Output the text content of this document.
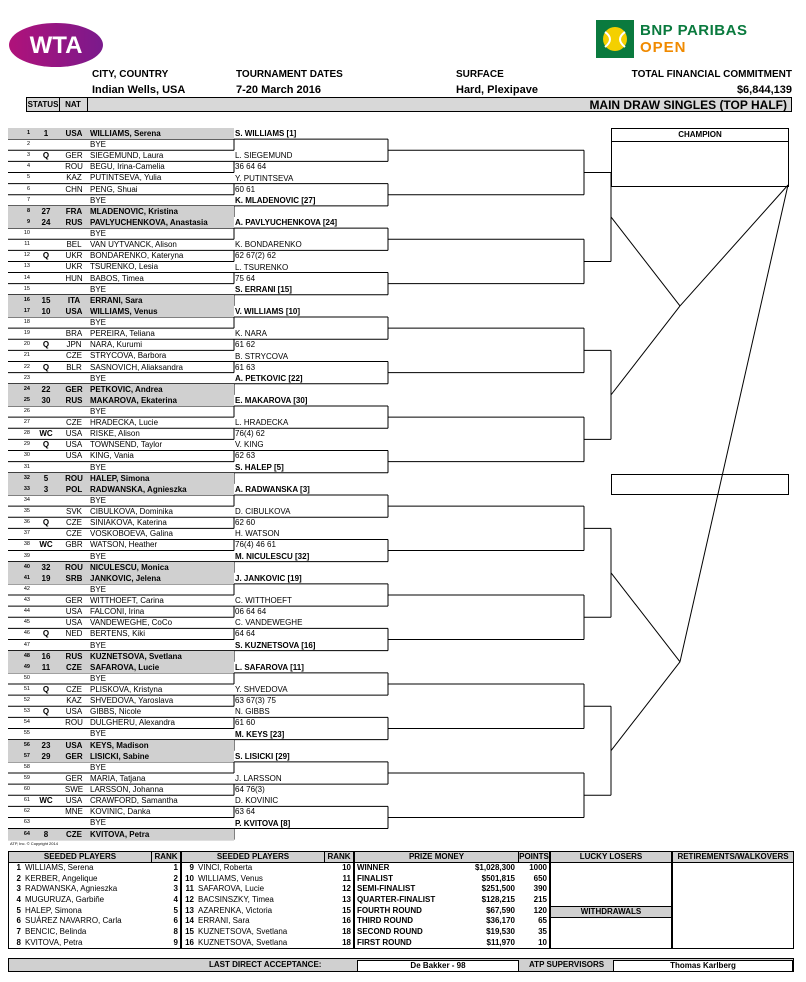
WTA
BNP PARIBAS
OPEN
CITY, COUNTRY
Indian Wells, USA
TOURNAMENT DATES
7-20 March 2016
SURFACE
Hard, Plexipave
TOTAL FINANCIAL COMMITMENT
$6,844,139
STATUS NAT	MAIN DRAW SINGLES (TOP HALF)
1	1	USA WILLIAMS, Serena
2	BYE
3	Q	GER SIEGEMUND, Laura
4	ROU BEGU, Irina-Camelia
5	KAZ	PUTINTSEVA, Yulia
6	CHN PENG, Shuai
7	BYE
8	27	FRA MLADENOVIC, Kristina
9	24	RUS PAVLYUCHENKOVA, Anastasia
10	BYE
11	BEL	VAN UYTVANCK, Alison
12	Q	UKR BONDARENKO, Kateryna
13	UKR TSURENKO, Lesia
14	HUN BABOS, Timea
15	BYE
16	15	ITA	ERRANI, Sara
17	10	USA WILLIAMS, Venus
18	BYE
19	BRA PEREIRA, Teliana
20	Q	JPN	NARA, Kurumi
21	CZE	STRYCOVA, Barbora
22	Q	BLR	SASNOVICH, Aliaksandra
23	BYE
24	22	GER PETKOVIC, Andrea
25	30	RUS MAKAROVA, Ekaterina
26	BYE
27	CZE	HRADECKA, Lucie
28	WC	USA RISKE, Alison
29	Q	USA TOWNSEND, Taylor
30	USA KING, Vania
31	BYE
32	5	ROU HALEP, Simona
33	3	POL RADWANSKA, Agnieszka
34	BYE
35	SVK	CIBULKOVA, Dominika
36	Q	CZE	SINIAKOVA, Katerina
37	CZE	VOSKOBOEVA, Galina
38	WC	GBR WATSON, Heather
39	BYE
40	32	ROU NICULESCU, Monica
41	19	SRB JANKOVIC, Jelena
42	BYE
43	GER WITTHOEFT, Carina
44	USA FALCONI, Irina
45	USA VANDEWEGHE, CoCo
46	Q	NED BERTENS, Kiki
47	BYE
48	16	RUS KUZNETSOVA, Svetlana
49	11	CZE	SAFAROVA, Lucie
50	BYE
51	Q	CZE	PLISKOVA, Kristyna
52	KAZ	SHVEDOVA, Yaroslava
53	Q	USA GIBBS, Nicole
54	ROU DULGHERU, Alexandra
55	BYE
56	23	USA KEYS, Madison
57	29	GER LISICKI, Sabine
58	BYE
59	GER MARIA, Tatjana
60	SWE LARSSON, Johanna
61	WC	USA CRAWFORD, Samantha
62	MNE KOVINIC, Danka
63	BYE
64	8	CZE	KVITOVA, Petra
S. WILLIAMS [1]
L. SIEGEMUND
36 64 64
Y. PUTINTSEVA
60 61
K. MLADENOVIC [27]
A. PAVLYUCHENKOVA [24]
K. BONDARENKO
62 67(2) 62
L. TSURENKO
75 64
S. ERRANI [15]
V. WILLIAMS [10]
K. NARA
61 62
B. STRYCOVA
61 63
A. PETKOVIC [22]
E. MAKAROVA [30]
L. HRADECKA
76(4) 62
V. KING
62 63
S. HALEP [5]
A. RADWANSKA [3]
D. CIBULKOVA
62 60
H. WATSON
76(4) 46 61
M. NICULESCU [32]
J. JANKOVIC [19]
C. WITTHOEFT
06 64 64
C. VANDEWEGHE
64 64
S. KUZNETSOVA [16]
L. SAFAROVA [11]
Y. SHVEDOVA
63 67(3) 75
N. GIBBS
61 60
M. KEYS [23]
S. LISICKI [29]
J. LARSSON
64 76(3)
D. KOVINIC
63 64
P. KVITOVA [8]
CHAMPION
ATP, Inc. © Copyright 2014
SEEDED PLAYERS	RANK
1 WILLIAMS, Serena	1
2 KERBER, Angelique	2
3 RADWANSKA, Agnieszka	3
4 MUGURUZA, Garbiñe	4
5 HALEP, Simona	5
6 SUÁREZ NAVARRO, Carla	6
7 BENCIC, Belinda	8
8 KVITOVA, Petra	9
SEEDED PLAYERS	RANK
9 VINCI, Roberta	10
10 WILLIAMS, Venus	11
11 SAFAROVA, Lucie	12
12 BACSINSZKY, Timea	13
13 AZARENKA, Victoria	15
14 ERRANI, Sara	16
15 KUZNETSOVA, Svetlana	18
16 KUZNETSOVA, Svetlana	18
PRIZE MONEY	POINTS
WINNER	$1,028,300	1000
FINALIST	$501,815	650
SEMI-FINALIST	$251,500	390
QUARTER-FINALIST	$128,215	215
FOURTH ROUND	$67,590	120
THIRD ROUND	$36,170	65
SECOND ROUND	$19,530	35
FIRST ROUND	$11,970	10
LUCKY LOSERS
WITHDRAWALS
RETIREMENTS/WALKOVERS
LAST DIRECT ACCEPTANCE:	De Bakker - 98	ATP SUPERVISORS	Thomas Karlberg
